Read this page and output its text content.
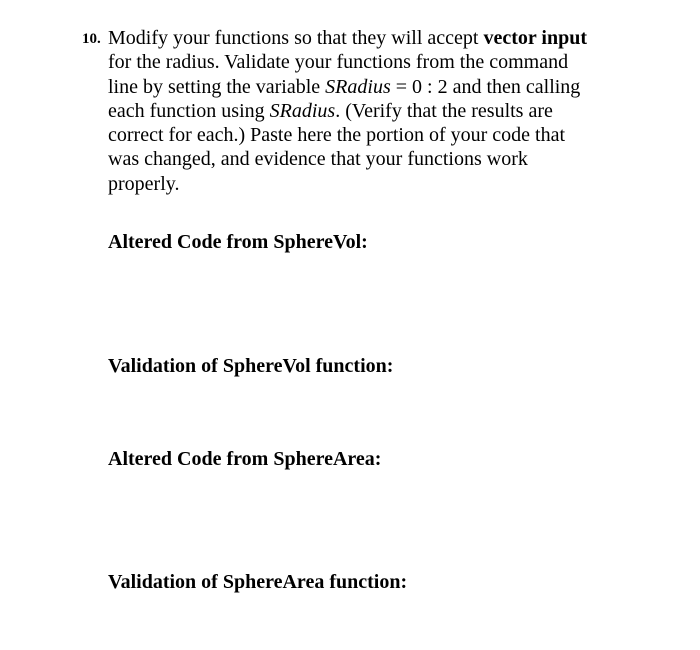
10. Modify your functions so that they will accept vector input
for the radius. Validate your functions from the command
line by setting the variable SRadius = 0 : 2 and then calling
each function using SRadius. (Verify that the results are
correct for each.) Paste here the portion of your code that
was changed, and evidence that your functions work
properly.
Altered Code from SphereVol:
Validation of SphereVol function:
Altered Code from SphereArea:
Validation of SphereArea function:
